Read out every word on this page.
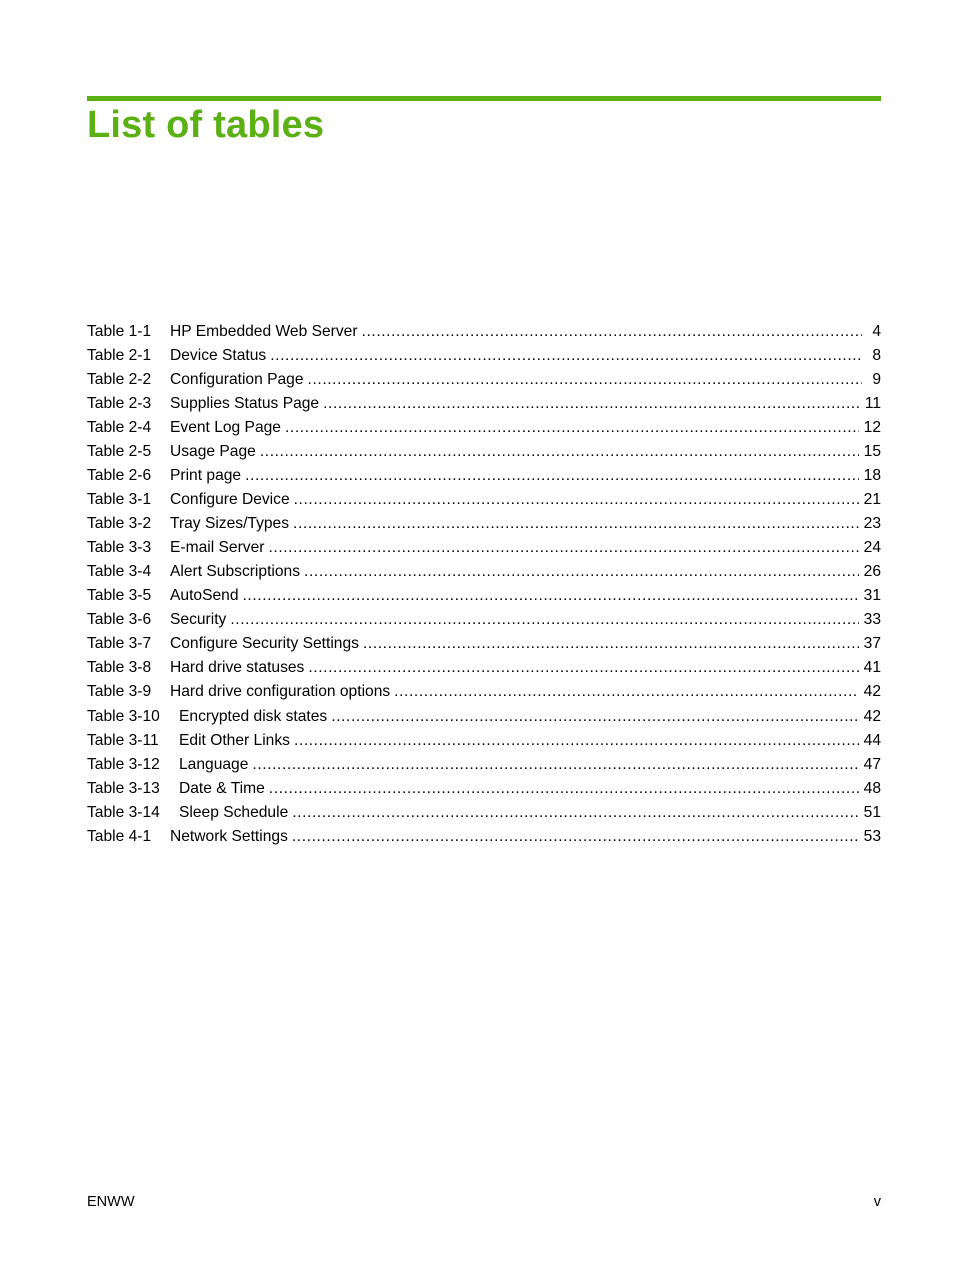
List of tables
Table 1-1 HP Embedded Web Server .....	4
Table 2-1 Device Status .....	8
Table 2-2 Configuration Page .....	9
Table 2-3 Supplies Status Page .....	11
Table 2-4 Event Log Page .....	12
Table 2-5 Usage Page .....	15
Table 2-6 Print page .....	18
Table 3-1 Configure Device .....	21
Table 3-2 Tray Sizes/Types .....	23
Table 3-3 E-mail Server .....	24
Table 3-4 Alert Subscriptions .....	26
Table 3-5 AutoSend .....	31
Table 3-6 Security .....	33
Table 3-7 Configure Security Settings .....	37
Table 3-8 Hard drive statuses .....	41
Table 3-9 Hard drive configuration options .....	42
Table 3-10 Encrypted disk states .....	42
Table 3-11 Edit Other Links .....	44
Table 3-12 Language .....	47
Table 3-13 Date & Time .....	48
Table 3-14 Sleep Schedule .....	51
Table 4-1 Network Settings .....	53
ENWW	v
